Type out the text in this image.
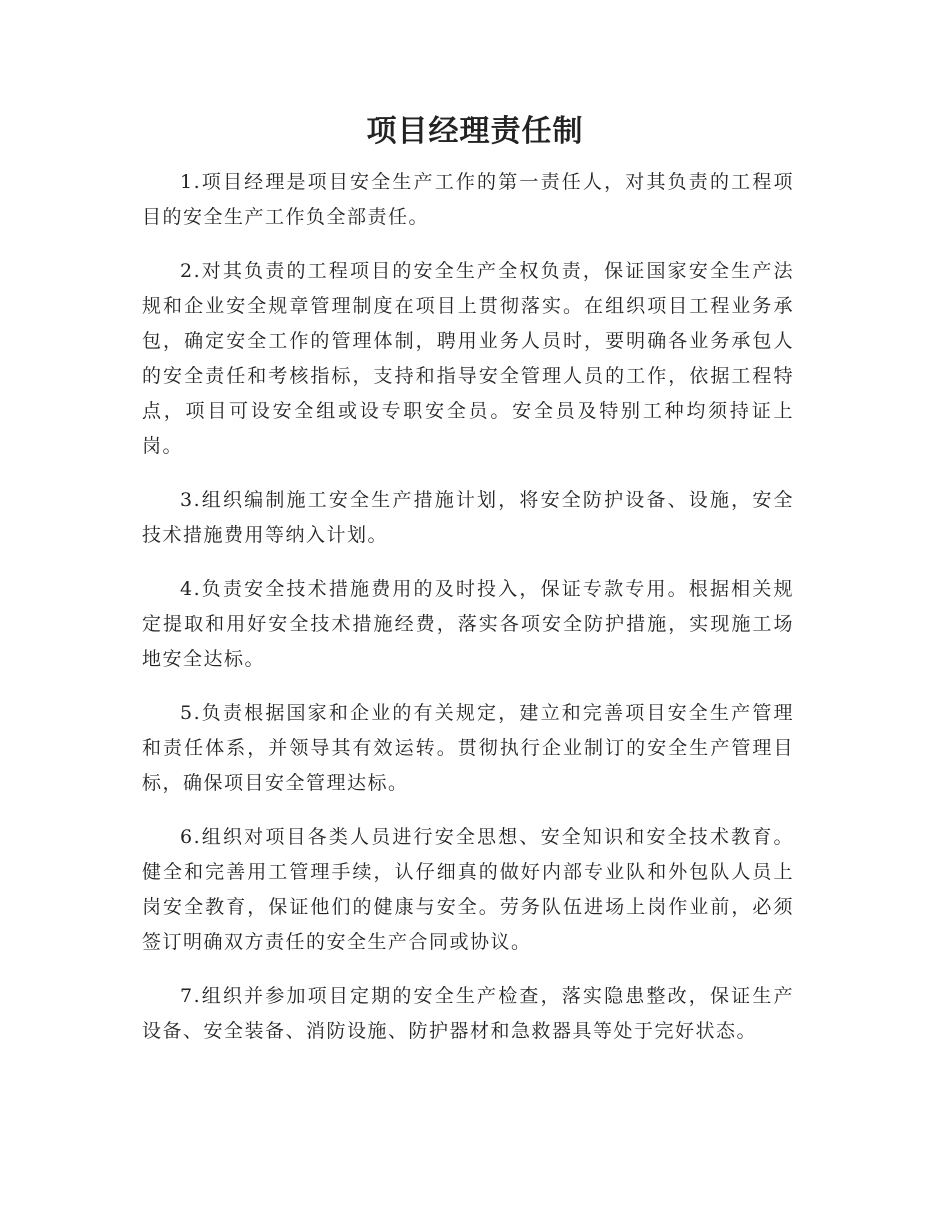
项目经理责任制

1.项目经理是项目安全生产工作的第一责任人，对其负责的工程项目的安全生产工作负全部责任。

2.对其负责的工程项目的安全生产全权负责，保证国家安全生产法规和企业安全规章管理制度在项目上贯彻落实。在组织项目工程业务承包，确定安全工作的管理体制，聘用业务人员时，要明确各业务承包人的安全责任和考核指标，支持和指导安全管理人员的工作，依据工程特点，项目可设安全组或设专职安全员。安全员及特别工种均须持证上岗。

3.组织编制施工安全生产措施计划，将安全防护设备、设施，安全技术措施费用等纳入计划。

4.负责安全技术措施费用的及时投入，保证专款专用。根据相关规定提取和用好安全技术措施经费，落实各项安全防护措施，实现施工场地安全达标。

5.负责根据国家和企业的有关规定，建立和完善项目安全生产管理和责任体系，并领导其有效运转。贯彻执行企业制订的安全生产管理目标，确保项目安全管理达标。

6.组织对项目各类人员进行安全思想、安全知识和安全技术教育。健全和完善用工管理手续，认仔细真的做好内部专业队和外包队人员上岗安全教育，保证他们的健康与安全。劳务队伍进场上岗作业前，必须签订明确双方责任的安全生产合同或协议。

7.组织并参加项目定期的安全生产检查，落实隐患整改，保证生产设备、安全装备、消防设施、防护器材和急救器具等处于完好状态。
